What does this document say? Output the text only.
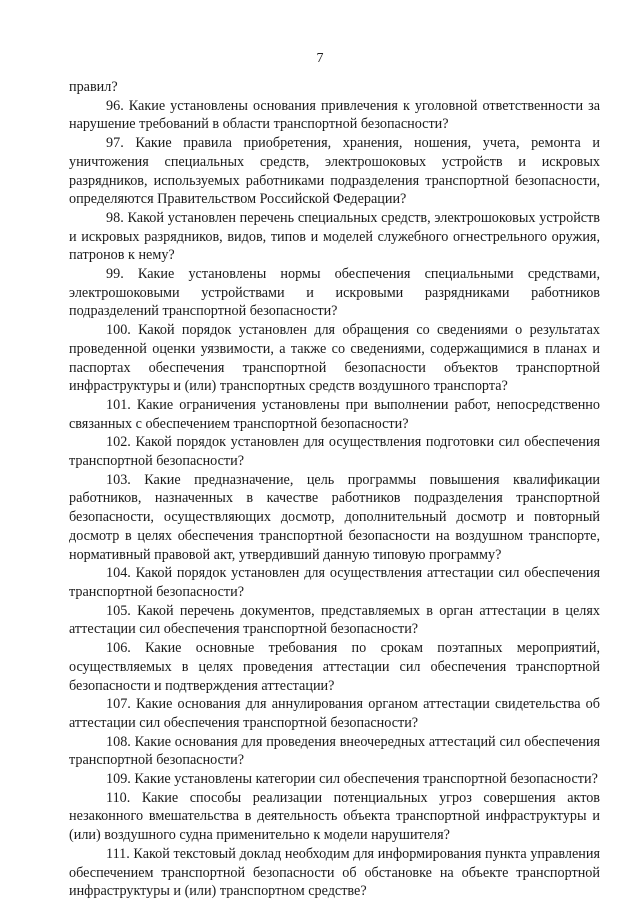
7

правил?

96. Какие установлены основания привлечения к уголовной ответственности за нарушение требований в области транспортной безопасности?

97. Какие правила приобретения, хранения, ношения, учета, ремонта и уничтожения специальных средств, электрошоковых устройств и искровых разрядников, используемых работниками подразделения транспортной безопасности, определяются Правительством Российской Федерации?

98. Какой установлен перечень специальных средств, электрошоковых устройств и искровых разрядников, видов, типов и моделей служебного огнестрельного оружия, патронов к нему?

99. Какие установлены нормы обеспечения специальными средствами, электрошоковыми устройствами и искровыми разрядниками работников подразделений транспортной безопасности?

100. Какой порядок установлен для обращения со сведениями о результатах проведенной оценки уязвимости, а также со сведениями, содержащимися в планах и паспортах обеспечения транспортной безопасности объектов транспортной инфраструктуры и (или) транспортных средств воздушного транспорта?

101. Какие ограничения установлены при выполнении работ, непосредственно связанных с обеспечением транспортной безопасности?

102. Какой порядок установлен для осуществления подготовки сил обеспечения транспортной безопасности?

103. Какие предназначение, цель программы повышения квалификации работников, назначенных в качестве работников подразделения транспортной безопасности, осуществляющих досмотр, дополнительный досмотр и повторный досмотр в целях обеспечения транспортной безопасности на воздушном транспорте, нормативный правовой акт, утвердивший данную типовую программу?

104. Какой порядок установлен для осуществления аттестации сил обеспечения транспортной безопасности?

105. Какой перечень документов, представляемых в орган аттестации в целях аттестации сил обеспечения транспортной безопасности?

106. Какие основные требования по срокам поэтапных мероприятий, осуществляемых в целях проведения аттестации сил обеспечения транспортной безопасности и подтверждения аттестации?

107. Какие основания для аннулирования органом аттестации свидетельства об аттестации сил обеспечения транспортной безопасности?

108. Какие основания для проведения внеочередных аттестаций сил обеспечения транспортной безопасности?

109. Какие установлены категории сил обеспечения транспортной безопасности?

110. Какие способы реализации потенциальных угроз совершения актов незаконного вмешательства в деятельность объекта транспортной инфраструктуры и (или) воздушного судна применительно к модели нарушителя?

111. Какой текстовый доклад необходим для информирования пункта управления обеспечением транспортной безопасности об обстановке на объекте транспортной инфраструктуры и (или) транспортном средстве?
